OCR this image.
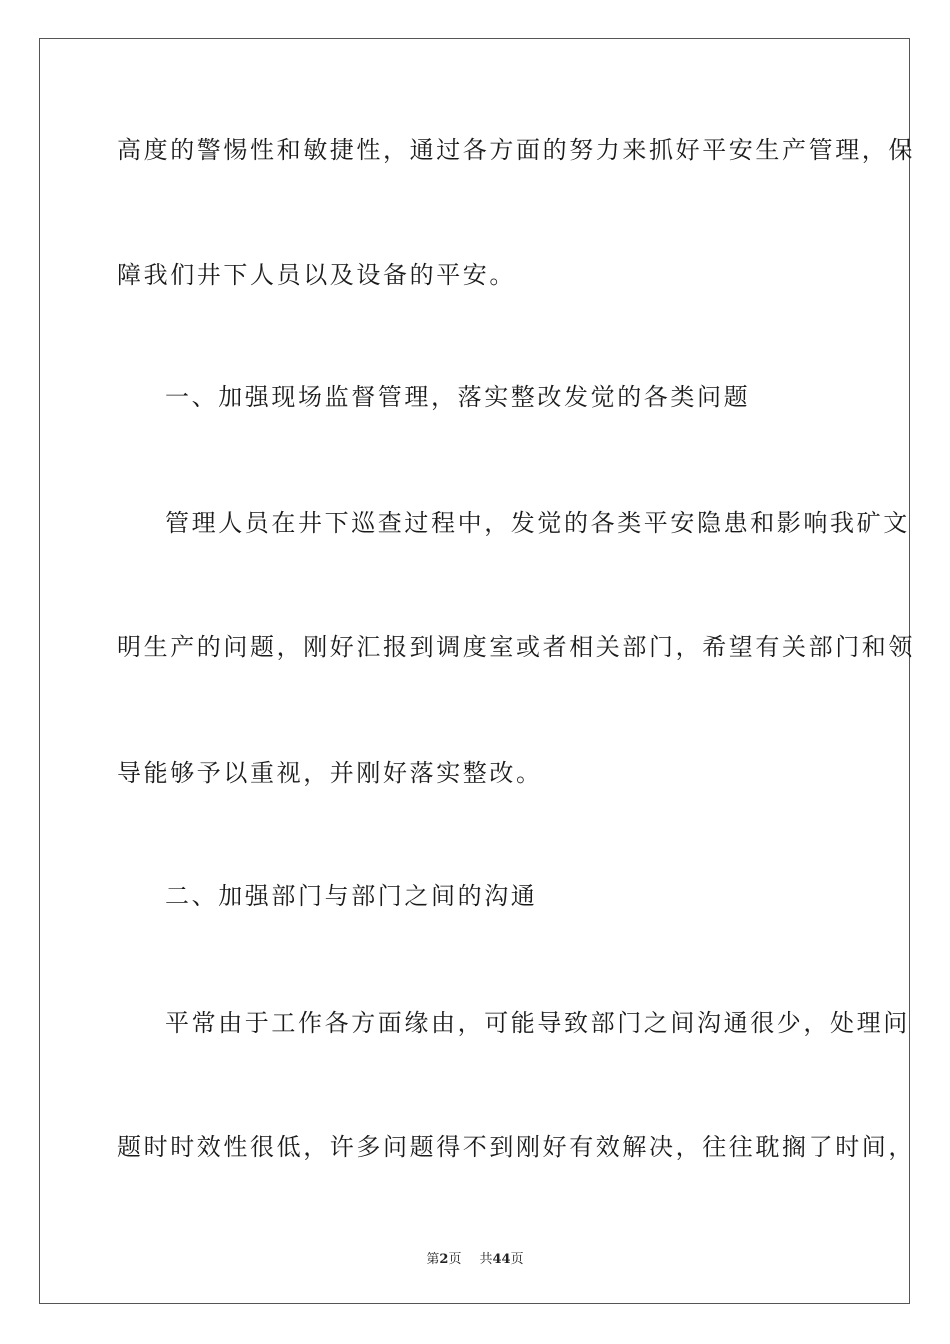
高度的警惕性和敏捷性，通过各方面的努力来抓好平安生产管理，保
障我们井下人员以及设备的平安。
一、加强现场监督管理，落实整改发觉的各类问题
管理人员在井下巡查过程中，发觉的各类平安隐患和影响我矿文
明生产的问题，刚好汇报到调度室或者相关部门，希望有关部门和领
导能够予以重视，并刚好落实整改。
二、加强部门与部门之间的沟通
平常由于工作各方面缘由，可能导致部门之间沟通很少，处理问
题时时效性很低，许多问题得不到刚好有效解决，往往耽搁了时间，
第2页 共44页
